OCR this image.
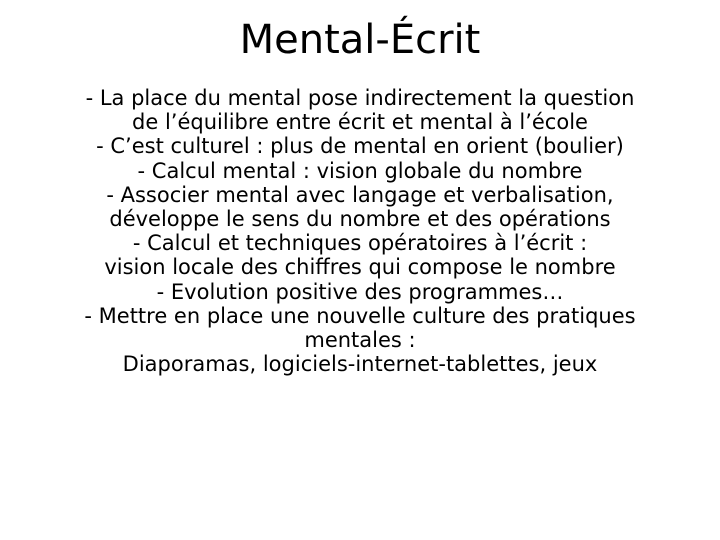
Mental-Écrit
- La place du mental pose indirectement la question
de l’équilibre entre écrit et mental à l’école
- C’est culturel : plus de mental en orient (boulier)
- Calcul mental : vision globale du nombre
- Associer mental avec langage et verbalisation,
développe le sens du nombre et des opérations
- Calcul et techniques opératoires à l’écrit :
vision locale des chiffres qui compose le nombre
- Evolution positive des programmes…
- Mettre en place une nouvelle culture des pratiques
mentales :
Diaporamas, logiciels-internet-tablettes, jeux
